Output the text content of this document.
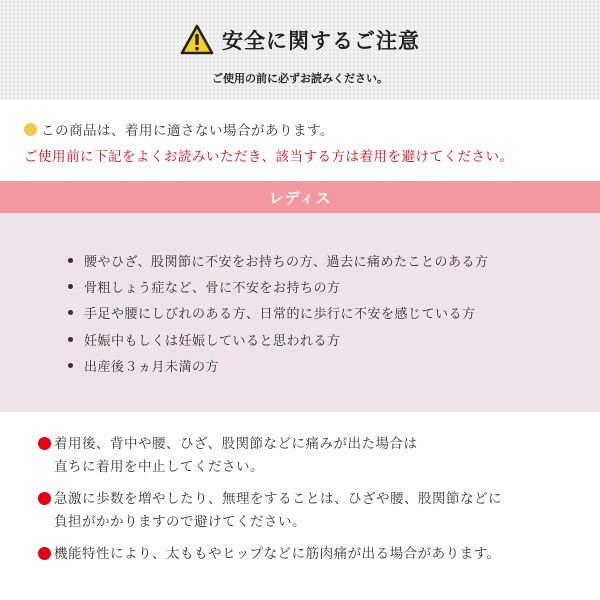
安全に関するご注意
ご使用の前に必ずお読みください。
この商品は、着用に適さない場合があります。
ご使用前に下記をよくお読みいただき、該当する方は着用を避けてください。
レディス
腰やひざ、股関節に不安をお持ちの方、過去に痛めたことのある方
骨粗しょう症など、骨に不安をお持ちの方
手足や腰にしびれのある方、日常的に歩行に不安を感じている方
妊娠中もしくは妊娠していると思われる方
出産後３ヵ月未満の方
着用後、背中や腰、ひざ、股関節などに痛みが出た場合は
直ちに着用を中止してください。
急激に歩数を増やしたり、無理をすることは、ひざや腰、股関節などに
負担がかかりますので避けてください。
機能特性により、太ももやヒップなどに筋肉痛が出る場合があります。
